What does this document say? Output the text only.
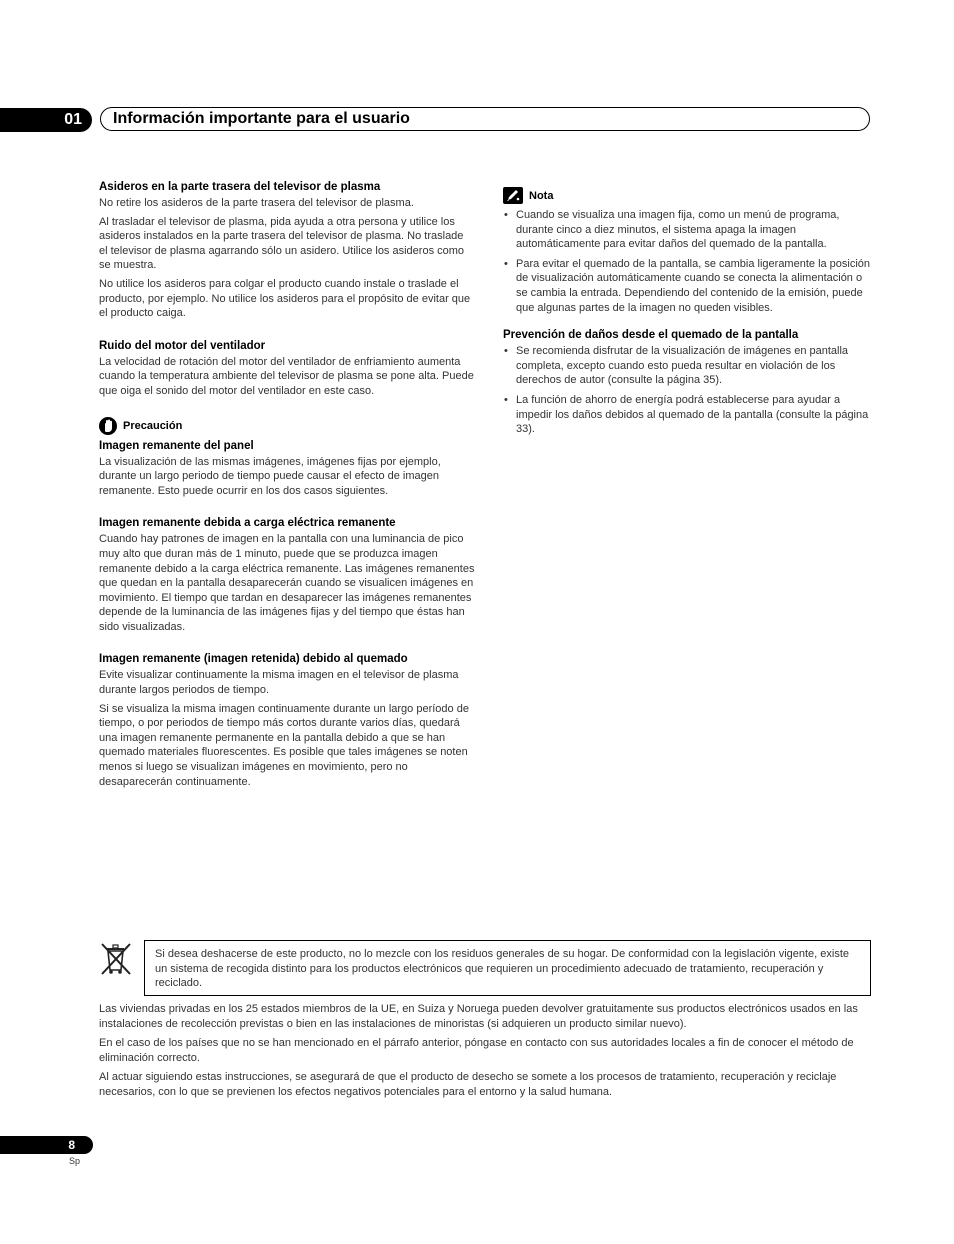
01	Información importante para el usuario
Asideros en la parte trasera del televisor de plasma

No retire los asideros de la parte trasera del televisor de plasma.

Al trasladar el televisor de plasma, pida ayuda a otra persona y utilice los asideros instalados en la parte trasera del televisor de plasma. No traslade el televisor de plasma agarrando sólo un asidero. Utilice los asideros como se muestra.

No utilice los asideros para colgar el producto cuando instale o traslade el producto, por ejemplo. No utilice los asideros para el propósito de evitar que el producto caiga.

Ruido del motor del ventilador

La velocidad de rotación del motor del ventilador de enfriamiento aumenta cuando la temperatura ambiente del televisor de plasma se pone alta. Puede que oiga el sonido del motor del ventilador en este caso.

Precaución
Imagen remanente del panel

La visualización de las mismas imágenes, imágenes fijas por ejemplo, durante un largo periodo de tiempo puede causar el efecto de imagen remanente. Esto puede ocurrir en los dos casos siguientes.

Imagen remanente debida a carga eléctrica remanente

Cuando hay patrones de imagen en la pantalla con una luminancia de pico muy alto que duran más de 1 minuto, puede que se produzca imagen remanente debido a la carga eléctrica remanente. Las imágenes remanentes que quedan en la pantalla desaparecerán cuando se visualicen imágenes en movimiento. El tiempo que tardan en desaparecer las imágenes remanentes depende de la luminancia de las imágenes fijas y del tiempo que éstas han sido visualizadas.

Imagen remanente (imagen retenida) debido al quemado

Evite visualizar continuamente la misma imagen en el televisor de plasma durante largos periodos de tiempo.

Si se visualiza la misma imagen continuamente durante un largo período de tiempo, o por periodos de tiempo más cortos durante varios días, quedará una imagen remanente permanente en la pantalla debido a que se han quemado materiales fluorescentes. Es posible que tales imágenes se noten menos si luego se visualizan imágenes en movimiento, pero no desaparecerán continuamente.

Nota
• Cuando se visualiza una imagen fija, como un menú de programa, durante cinco a diez minutos, el sistema apaga la imagen automáticamente para evitar daños del quemado de la pantalla.
• Para evitar el quemado de la pantalla, se cambia ligeramente la posición de visualización automáticamente cuando se conecta la alimentación o se cambia la entrada. Dependiendo del contenido de la emisión, puede que algunas partes de la imagen no queden visibles.
Prevención de daños desde el quemado de la pantalla
• Se recomienda disfrutar de la visualización de imágenes en pantalla completa, excepto cuando esto pueda resultar en violación de los derechos de autor (consulte la página 35).
• La función de ahorro de energía podrá establecerse para ayudar a impedir los daños debidos al quemado de la pantalla (consulte la página 33).

Si desea deshacerse de este producto, no lo mezcle con los residuos generales de su hogar. De conformidad con la legislación vigente, existe un sistema de recogida distinto para los productos electrónicos que requieren un procedimiento adecuado de tratamiento, recuperación y reciclado.

Las viviendas privadas en los 25 estados miembros de la UE, en Suiza y Noruega pueden devolver gratuitamente sus productos electrónicos usados en las instalaciones de recolección previstas o bien en las instalaciones de minoristas (si adquieren un producto similar nuevo).

En el caso de los países que no se han mencionado en el párrafo anterior, póngase en contacto con sus autoridades locales a fin de conocer el método de eliminación correcto.

Al actuar siguiendo estas instrucciones, se asegurará de que el producto de desecho se somete a los procesos de tratamiento, recuperación y reciclaje necesarios, con lo que se previenen los efectos negativos potenciales para el entorno y la salud humana.

8
Sp
